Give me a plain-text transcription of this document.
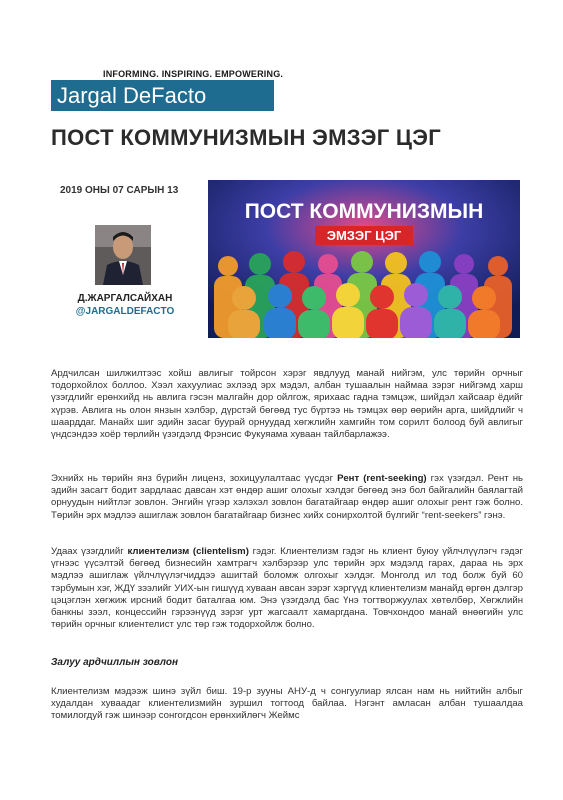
INFORMING. INSPIRING. EMPOWERING.
Jargal DeFacto
ПОСТ КОММУНИЗМЫН ЭМЗЭГ ЦЭГ
2019 ОНЫ 07 САРЫН 13
Д.ЖАРГАЛСАЙХАН
@JARGALDEFACTO
ПОСТ КОММУНИЗМЫН
ЭМЗЭГ ЦЭГ

Ардчилсан шилжилтээс хойш авлигыг тойрсон хэрэг явдлууд манай нийгэм, улс төрийн орчныг тодорхойлох боллоо. Хээл хахуулиас эхлээд эрх мэдэл, албан тушаалын наймаа зэрэг нийгэмд харш үзэгдлийг ерөнхийд нь авлига гэсэн малгайн дор ойлгож, ярихаас гадна тэмцэж, шийдэл хайсаар ёдийг хүрэв. Авлига нь олон янзын хэлбэр, дүрстэй бөгөөд тус бүртээ нь тэмцэх өөр өөрийн арга, шийдлийг ч шаарддаг. Манайх шиг эдийн засаг буурай орнуудад хөгжлийн хамгийн том сорилт болоод буй авлигыг үндсэндээ хоёр төрлийн үзэгдэлд Фрэнсис Фукуяама хуваан тайлбарлажээ.

Эхнийх нь төрийн янз бүрийн лиценз, зохицуулалтаас үүсдэг Рент (rent-seeking) гэх үзэгдэл. Рент нь эдийн засагт бодит зардлаас давсан хэт өндөр ашиг олохыг хэлдэг бөгөөд энэ бол байгалийн баялагтай орнуудын нийтлэг зовлон. Энгийн үгээр хэлэхэл зовлон багатайгаар өндөр ашиг олохыг рент гэж болно. Төрийн эрх мэдлээ ашиглаж зовлон багатайгаар бизнес хийх сонирхолтой бүлгийг “rent-seekers” гэнэ.

Удаах үзэгдлийг клиентелизм (clientelism) гэдэг. Клиентелизм гэдэг нь клиент буюу үйлчлүүлэгч гэдэг үгнээс үүсэлтэй бөгөөд бизнесийн хамтрагч хэлбэрээр улс төрийн эрх мэдэлд гарах, дараа нь эрх мэдлээ ашиглаж үйлчлүүлэгчиддээ ашигтай боломж олгохыг хэлдэг. Монголд ил тод болж буй 60 тэрбумын хэг, ЖДҮ зээлийг УИХ-ын гишүүд хуваан авсан зэрэг хэргүүд клиентелизм манайд өргөн дэлгэр цэцэглэн хөгжиж ирсний бодит баталгаа юм. Энэ үзэгдэлд бас Үнэ тогтворжуулах хөтөлбөр, Хөгжлийн банкны зээл, концессийн гэрээнүүд зэрэг урт жагсаалт хамаргдана. Товчхондоо манай өнөөгийн улс төрийн орчныг клиентелист улс төр гэж тодорхойлж болно.

Залуу ардчиллын зовлон

Клиентелизм мэдээж шинэ зүйл биш. 19-р зууны АНУ-д ч сонгуулиар ялсан нам нь нийтийн албыг худалдан хуваадаг клиентелизмийн зуршил тогтоод байлаа. Нэгэнт амласан албан тушаалдаа томилогдуй гэж шинээр сонгогдсон ерөнхийлөгч Жеймс
